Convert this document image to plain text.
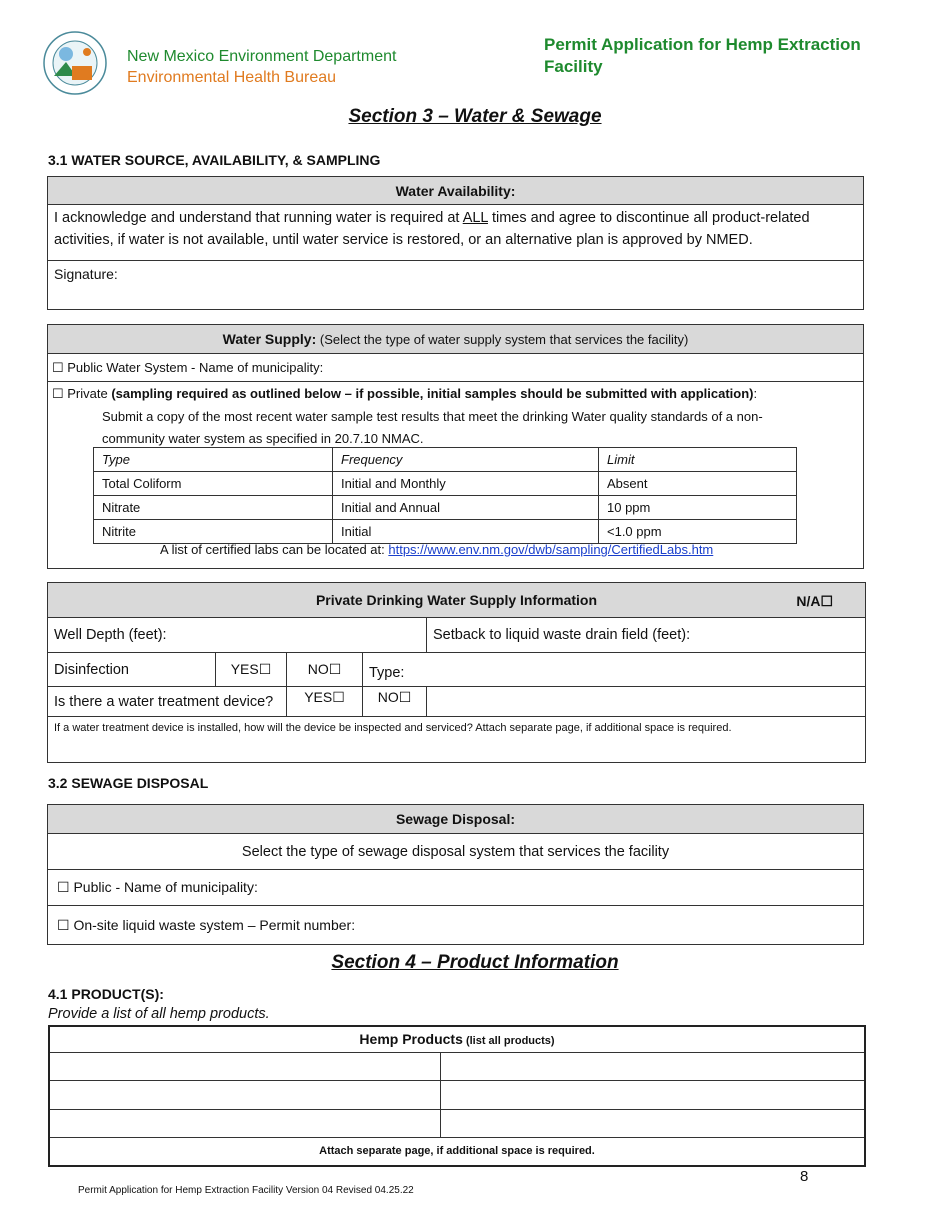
New Mexico Environment Department
Environmental Health Bureau
Permit Application for Hemp Extraction Facility
Section 3 – Water & Sewage
3.1 WATER SOURCE, AVAILABILITY, & SAMPLING
Water Availability:
I acknowledge and understand that running water is required at ALL times and agree to discontinue all product-related activities, if water is not available, until water service is restored, or an alternative plan is approved by NMED.
Signature:
Water Supply: (Select the type of water supply system that services the facility)
☐ Public Water System - Name of municipality:

☐ Private (sampling required as outlined below – if possible, initial samples should be submitted with application):
Submit a copy of the most recent water sample test results that meet the drinking Water quality standards of a non-community water system as specified in 20.7.10 NMAC.
A list of certified labs can be located at: https://www.env.nm.gov/dwb/sampling/CertifiedLabs.htm
Type	Frequency	Limit
Total Coliform	Initial and Monthly	Absent
Nitrate	Initial and Annual	10 ppm
Nitrite	Initial	<1.0 ppm
Private Drinking Water Supply Information N/A☐				

Well Depth (feet):				Setback to liquid waste drain field (feet):
Disinfection	YES☐	NO☐	Type:	
Is there a water treatment device?		YES☐	NO☐	
If a water treatment device is installed, how will the device be inspected and serviced? Attach separate page, if additional space is required.				
3.2 SEWAGE DISPOSAL
Sewage Disposal:
Select the type of sewage disposal system that services the facility
☐ Public - Name of municipality:
☐ On-site liquid waste system – Permit number:
Section 4 – Product Information
4.1 PRODUCT(S):
Provide a list of all hemp products.
Hemp Products (list all products)	

Attach separate page, if additional space is required.	
8
Permit Application for Hemp Extraction Facility Version 04 Revised 04.25.22
